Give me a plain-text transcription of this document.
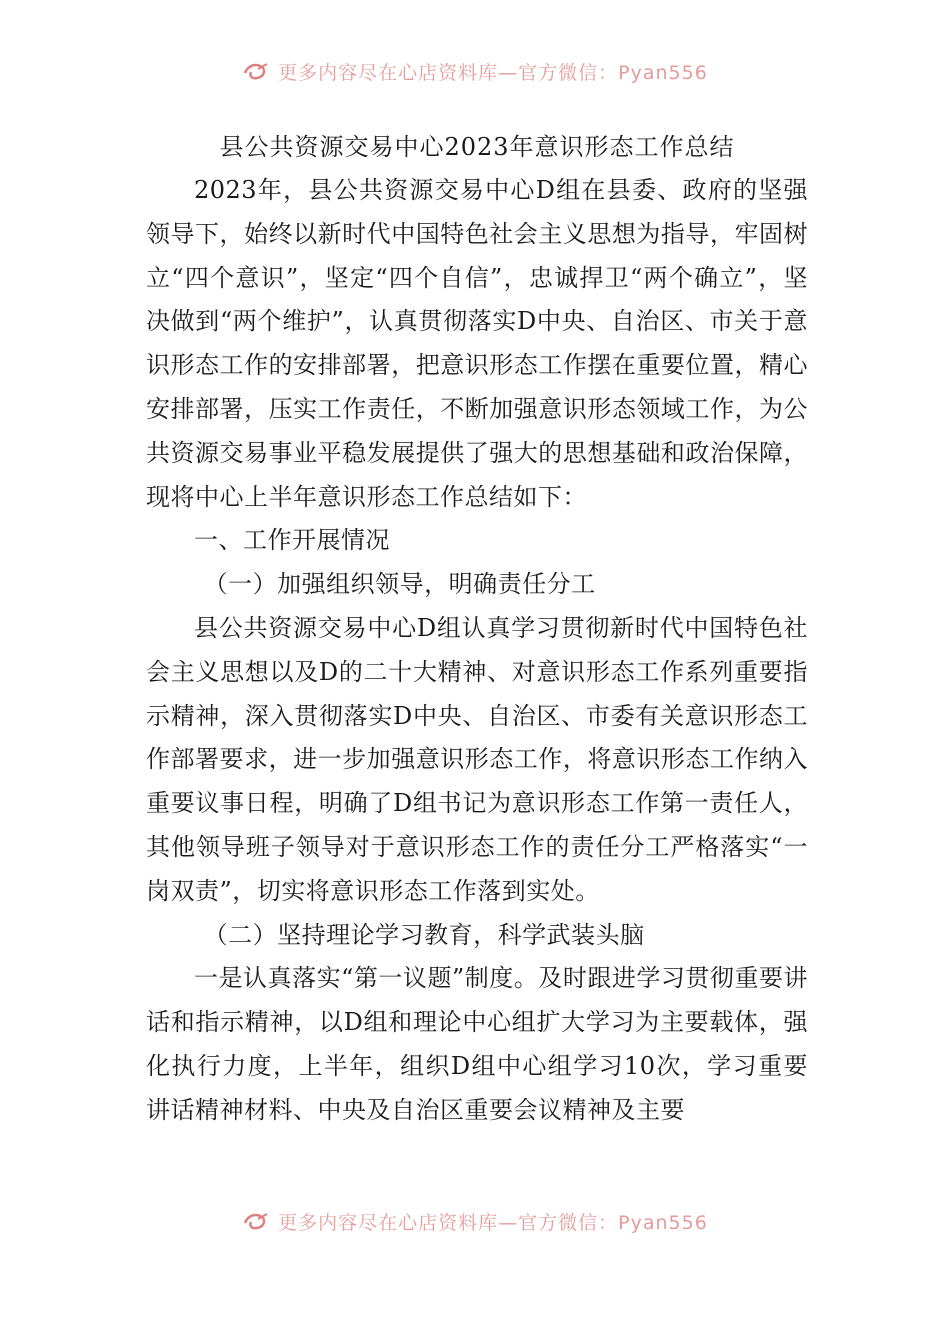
更多内容尽在心店资料库—官方微信：Pyan556
县公共资源交易中心2023年意识形态工作总结

2023年，县公共资源交易中心D组在县委、政府的坚强领导下，始终以新时代中国特色社会主义思想为指导，牢固树立“四个意识”，坚定“四个自信”，忠诚捍卫“两个确立”，坚决做到“两个维护”，认真贯彻落实D中央、自治区、市关于意识形态工作的安排部署，把意识形态工作摆在重要位置，精心安排部署，压实工作责任，不断加强意识形态领域工作，为公共资源交易事业平稳发展提供了强大的思想基础和政治保障，现将中心上半年意识形态工作总结如下：

一、工作开展情况

（一）加强组织领导，明确责任分工

县公共资源交易中心D组认真学习贯彻新时代中国特色社会主义思想以及D的二十大精神、对意识形态工作系列重要指示精神，深入贯彻落实D中央、自治区、市委有关意识形态工作部署要求，进一步加强意识形态工作，将意识形态工作纳入重要议事日程，明确了D组书记为意识形态工作第一责任人，其他领导班子领导对于意识形态工作的责任分工严格落实“一岗双责”，切实将意识形态工作落到实处。

（二）坚持理论学习教育，科学武装头脑

一是认真落实“第一议题”制度。及时跟进学习贯彻重要讲话和指示精神，以D组和理论中心组扩大学习为主要载体，强化执行力度，上半年，组织D组中心组学习10次，学习重要讲话精神材料、中央及自治区重要会议精神及主要

更多内容尽在心店资料库—官方微信：Pyan556
